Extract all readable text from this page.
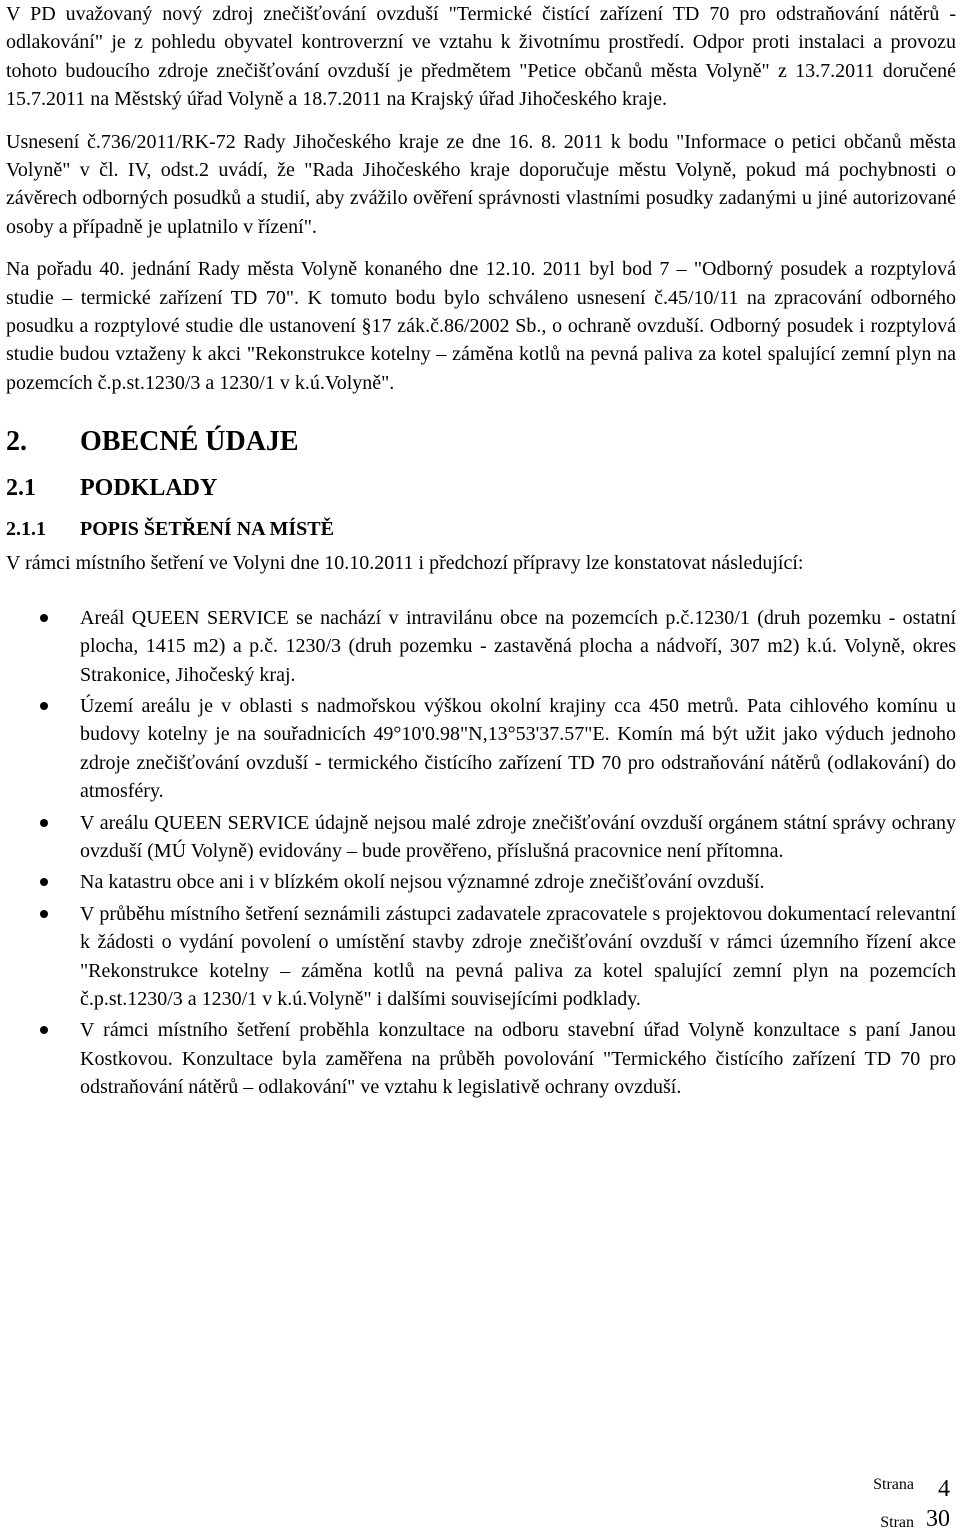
V PD uvažovaný nový zdroj znečišťování ovzduší "Termické čistící zařízení TD 70 pro odstraňování nátěrů - odlakování" je z pohledu obyvatel kontroverzní ve vztahu k životnímu prostředí. Odpor proti instalaci a provozu tohoto budoucího zdroje znečišťování ovzduší je předmětem "Petice občanů města Volyně" z 13.7.2011 doručené 15.7.2011 na Městský úřad Volyně a 18.7.2011 na Krajský úřad Jihočeského kraje.

Usnesení č.736/2011/RK-72 Rady Jihočeského kraje ze dne 16. 8. 2011 k bodu "Informace o petici občanů města Volyně" v čl. IV, odst.2 uvádí, že "Rada Jihočeského kraje doporučuje městu Volyně, pokud má pochybnosti o závěrech odborných posudků a studií, aby zvážilo ověření správnosti vlastními posudky zadanými u jiné autorizované osoby a případně je uplatnilo v řízení".

Na pořadu 40. jednání Rady města Volyně konaného dne 12.10. 2011 byl bod 7 – "Odborný posudek a rozptylová studie – termické zařízení TD 70". K tomuto bodu bylo schváleno usnesení č.45/10/11 na zpracování odborného posudku a rozptylové studie dle ustanovení §17 zák.č.86/2002 Sb., o ochraně ovzduší. Odborný posudek i rozptylová studie budou vztaženy k akci "Rekonstrukce kotelny – záměna kotlů na pevná paliva za kotel spalující zemní plyn na pozemcích č.p.st.1230/3 a 1230/1 v k.ú.Volyně".

2. OBECNÉ ÚDAJE
2.1 PODKLADY
2.1.1 POPIS ŠETŘENÍ NA MÍSTĚ

V rámci místního šetření ve Volyni dne 10.10.2011 i předchozí přípravy lze konstatovat následující:

Areál QUEEN SERVICE se nachází v intravilánu obce na pozemcích p.č.1230/1 (druh pozemku - ostatní plocha, 1415 m2) a p.č. 1230/3 (druh pozemku - zastavěná plocha a nádvoří, 307 m2) k.ú. Volyně, okres Strakonice, Jihočeský kraj.
Území areálu je v oblasti s nadmořskou výškou okolní krajiny cca 450 metrů. Pata cihlového komínu u budovy kotelny je na souřadnicích 49°10'0.98"N,13°53'37.57"E. Komín má být užit jako výduch jednoho zdroje znečišťování ovzduší - termického čistícího zařízení TD 70 pro odstraňování nátěrů (odlakování) do atmosféry.
V areálu QUEEN SERVICE údajně nejsou malé zdroje znečišťování ovzduší orgánem státní správy ochrany ovzduší (MÚ Volyně) evidovány – bude prověřeno, příslušná pracovnice není přítomna.
Na katastru obce ani i v blízkém okolí nejsou významné zdroje znečišťování ovzduší.
V průběhu místního šetření seznámili zástupci zadavatele zpracovatele s projektovou dokumentací relevantní k žádosti o vydání povolení o umístění stavby zdroje znečišťování ovzduší v rámci územního řízení akce "Rekonstrukce kotelny – záměna kotlů na pevná paliva za kotel spalující zemní plyn na pozemcích č.p.st.1230/3 a 1230/1 v k.ú.Volyně" i dalšími souvisejícími podklady.
V rámci místního šetření proběhla konzultace na odboru stavební úřad Volyně konzultace s paní Janou Kostkovou. Konzultace byla zaměřena na průběh povolování "Termického čistícího zařízení TD 70 pro odstraňování nátěrů – odlakování" ve vztahu k legislativě ochrany ovzduší.
Strana 4
Stran 30
